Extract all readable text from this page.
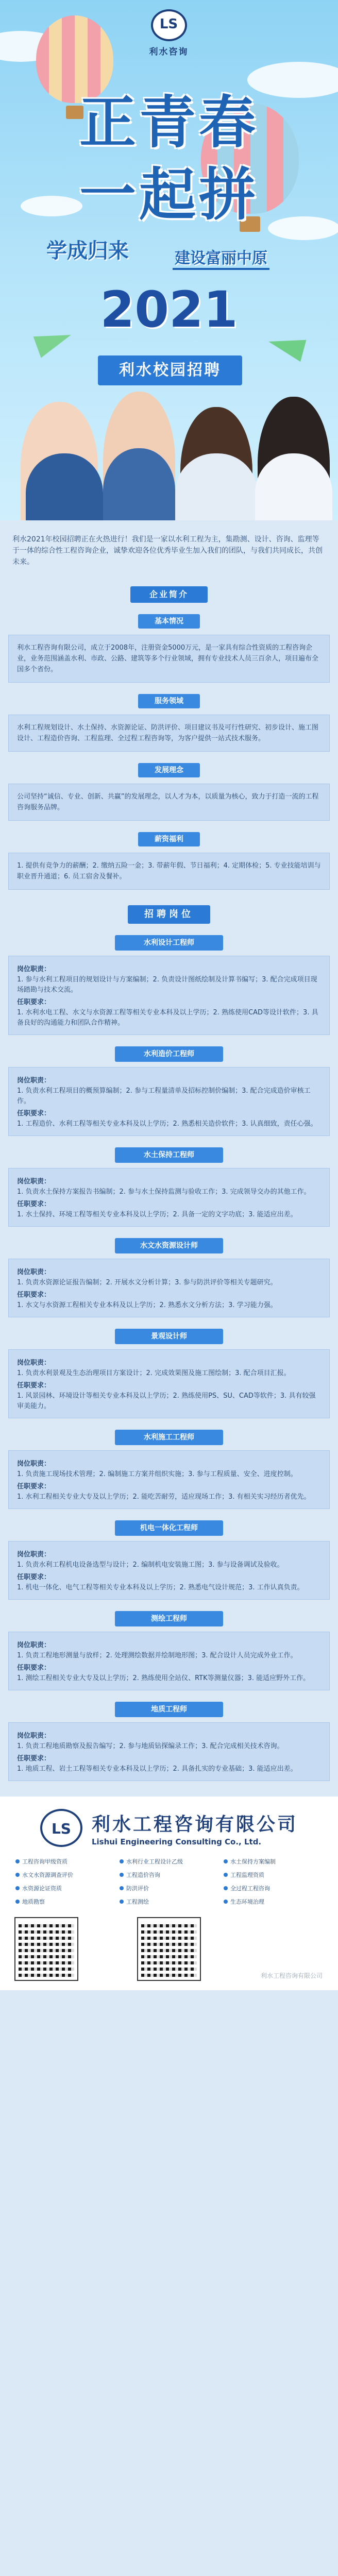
LS
利水咨询
正青春
一起拼
学成归来	建设富丽中原
2021
利水校园招聘
利水2021年校园招聘正在火热进行！我们是一家以水利工程为主，集勘测、设计、咨询、监理等于一体的综合性工程咨询企业，诚挚欢迎各位优秀毕业生加入我们的团队，与我们共同成长，共创未来。
企业简介
基本情况
利水工程咨询有限公司，成立于2008年，注册资金5000万元，是一家具有综合性资质的工程咨询企业，业务范围涵盖水利、市政、公路、建筑等多个行业领域，拥有专业技术人员三百余人，项目遍布全国多个省份。
服务领域
水利工程规划设计、水土保持、水资源论证、防洪评价、项目建议书及可行性研究、初步设计、施工图设计、工程造价咨询、工程监理、全过程工程咨询等，为客户提供一站式技术服务。
发展理念
公司坚持“诚信、专业、创新、共赢”的发展理念，以人才为本，以质量为核心，致力于打造一流的工程咨询服务品牌。
薪资福利
1. 提供有竞争力的薪酬；2. 缴纳五险一金；3. 带薪年假、节日福利；4. 定期体检；5. 专业技能培训与职业晋升通道；6. 员工宿舍及餐补。
招聘岗位
水利设计工程师

岗位职责：

1. 参与水利工程项目的规划设计与方案编制；2. 负责设计图纸绘制及计算书编写；3. 配合完成项目现场踏勘与技术交流。

任职要求：

1. 水利水电工程、水文与水资源工程等相关专业本科及以上学历；2. 熟练使用CAD等设计软件；3. 具备良好的沟通能力和团队合作精神。

水利造价工程师

岗位职责：

1. 负责水利工程项目的概预算编制；2. 参与工程量清单及招标控制价编制；3. 配合完成造价审核工作。

任职要求：

1. 工程造价、水利工程等相关专业本科及以上学历；2. 熟悉相关造价软件；3. 认真细致，责任心强。

水土保持工程师

岗位职责：

1. 负责水土保持方案报告书编制；2. 参与水土保持监测与验收工作；3. 完成领导交办的其他工作。

任职要求：

1. 水土保持、环境工程等相关专业本科及以上学历；2. 具备一定的文字功底；3. 能适应出差。

水文水资源设计师

岗位职责：

1. 负责水资源论证报告编制；2. 开展水文分析计算；3. 参与防洪评价等相关专题研究。

任职要求：

1. 水文与水资源工程相关专业本科及以上学历；2. 熟悉水文分析方法；3. 学习能力强。

景观设计师

岗位职责：

1. 负责水利景观及生态治理项目方案设计；2. 完成效果图及施工图绘制；3. 配合项目汇报。

任职要求：

1. 风景园林、环境设计等相关专业本科及以上学历；2. 熟练使用PS、SU、CAD等软件；3. 具有较强审美能力。

水利施工工程师

岗位职责：

1. 负责施工现场技术管理；2. 编制施工方案并组织实施；3. 参与工程质量、安全、进度控制。

任职要求：

1. 水利工程相关专业大专及以上学历；2. 能吃苦耐劳，适应现场工作；3. 有相关实习经历者优先。

机电一体化工程师

岗位职责：

1. 负责水利工程机电设备选型与设计；2. 编制机电安装施工图；3. 参与设备调试及验收。

任职要求：

1. 机电一体化、电气工程等相关专业本科及以上学历；2. 熟悉电气设计规范；3. 工作认真负责。

测绘工程师

岗位职责：

1. 负责工程地形测量与放样；2. 处理测绘数据并绘制地形图；3. 配合设计人员完成外业工作。

任职要求：

1. 测绘工程相关专业大专及以上学历；2. 熟练使用全站仪、RTK等测量仪器；3. 能适应野外工作。

地质工程师

岗位职责：

1. 负责工程地质勘察及报告编写；2. 参与地质钻探编录工作；3. 配合完成相关技术咨询。

任职要求：

1. 地质工程、岩土工程等相关专业本科及以上学历；2. 具备扎实的专业基础；3. 能适应出差。

LS	利水工程咨询有限公司
Lishui Engineering Consulting Co., Ltd.
工程咨询甲级资质	水利行业工程设计乙级	水土保持方案编制
水文水资源调查评价	工程造价咨询	工程监理资质
水资源论证资质	防洪评价	全过程工程咨询
地质勘察	工程测绘	生态环境治理
利水工程咨询有限公司
